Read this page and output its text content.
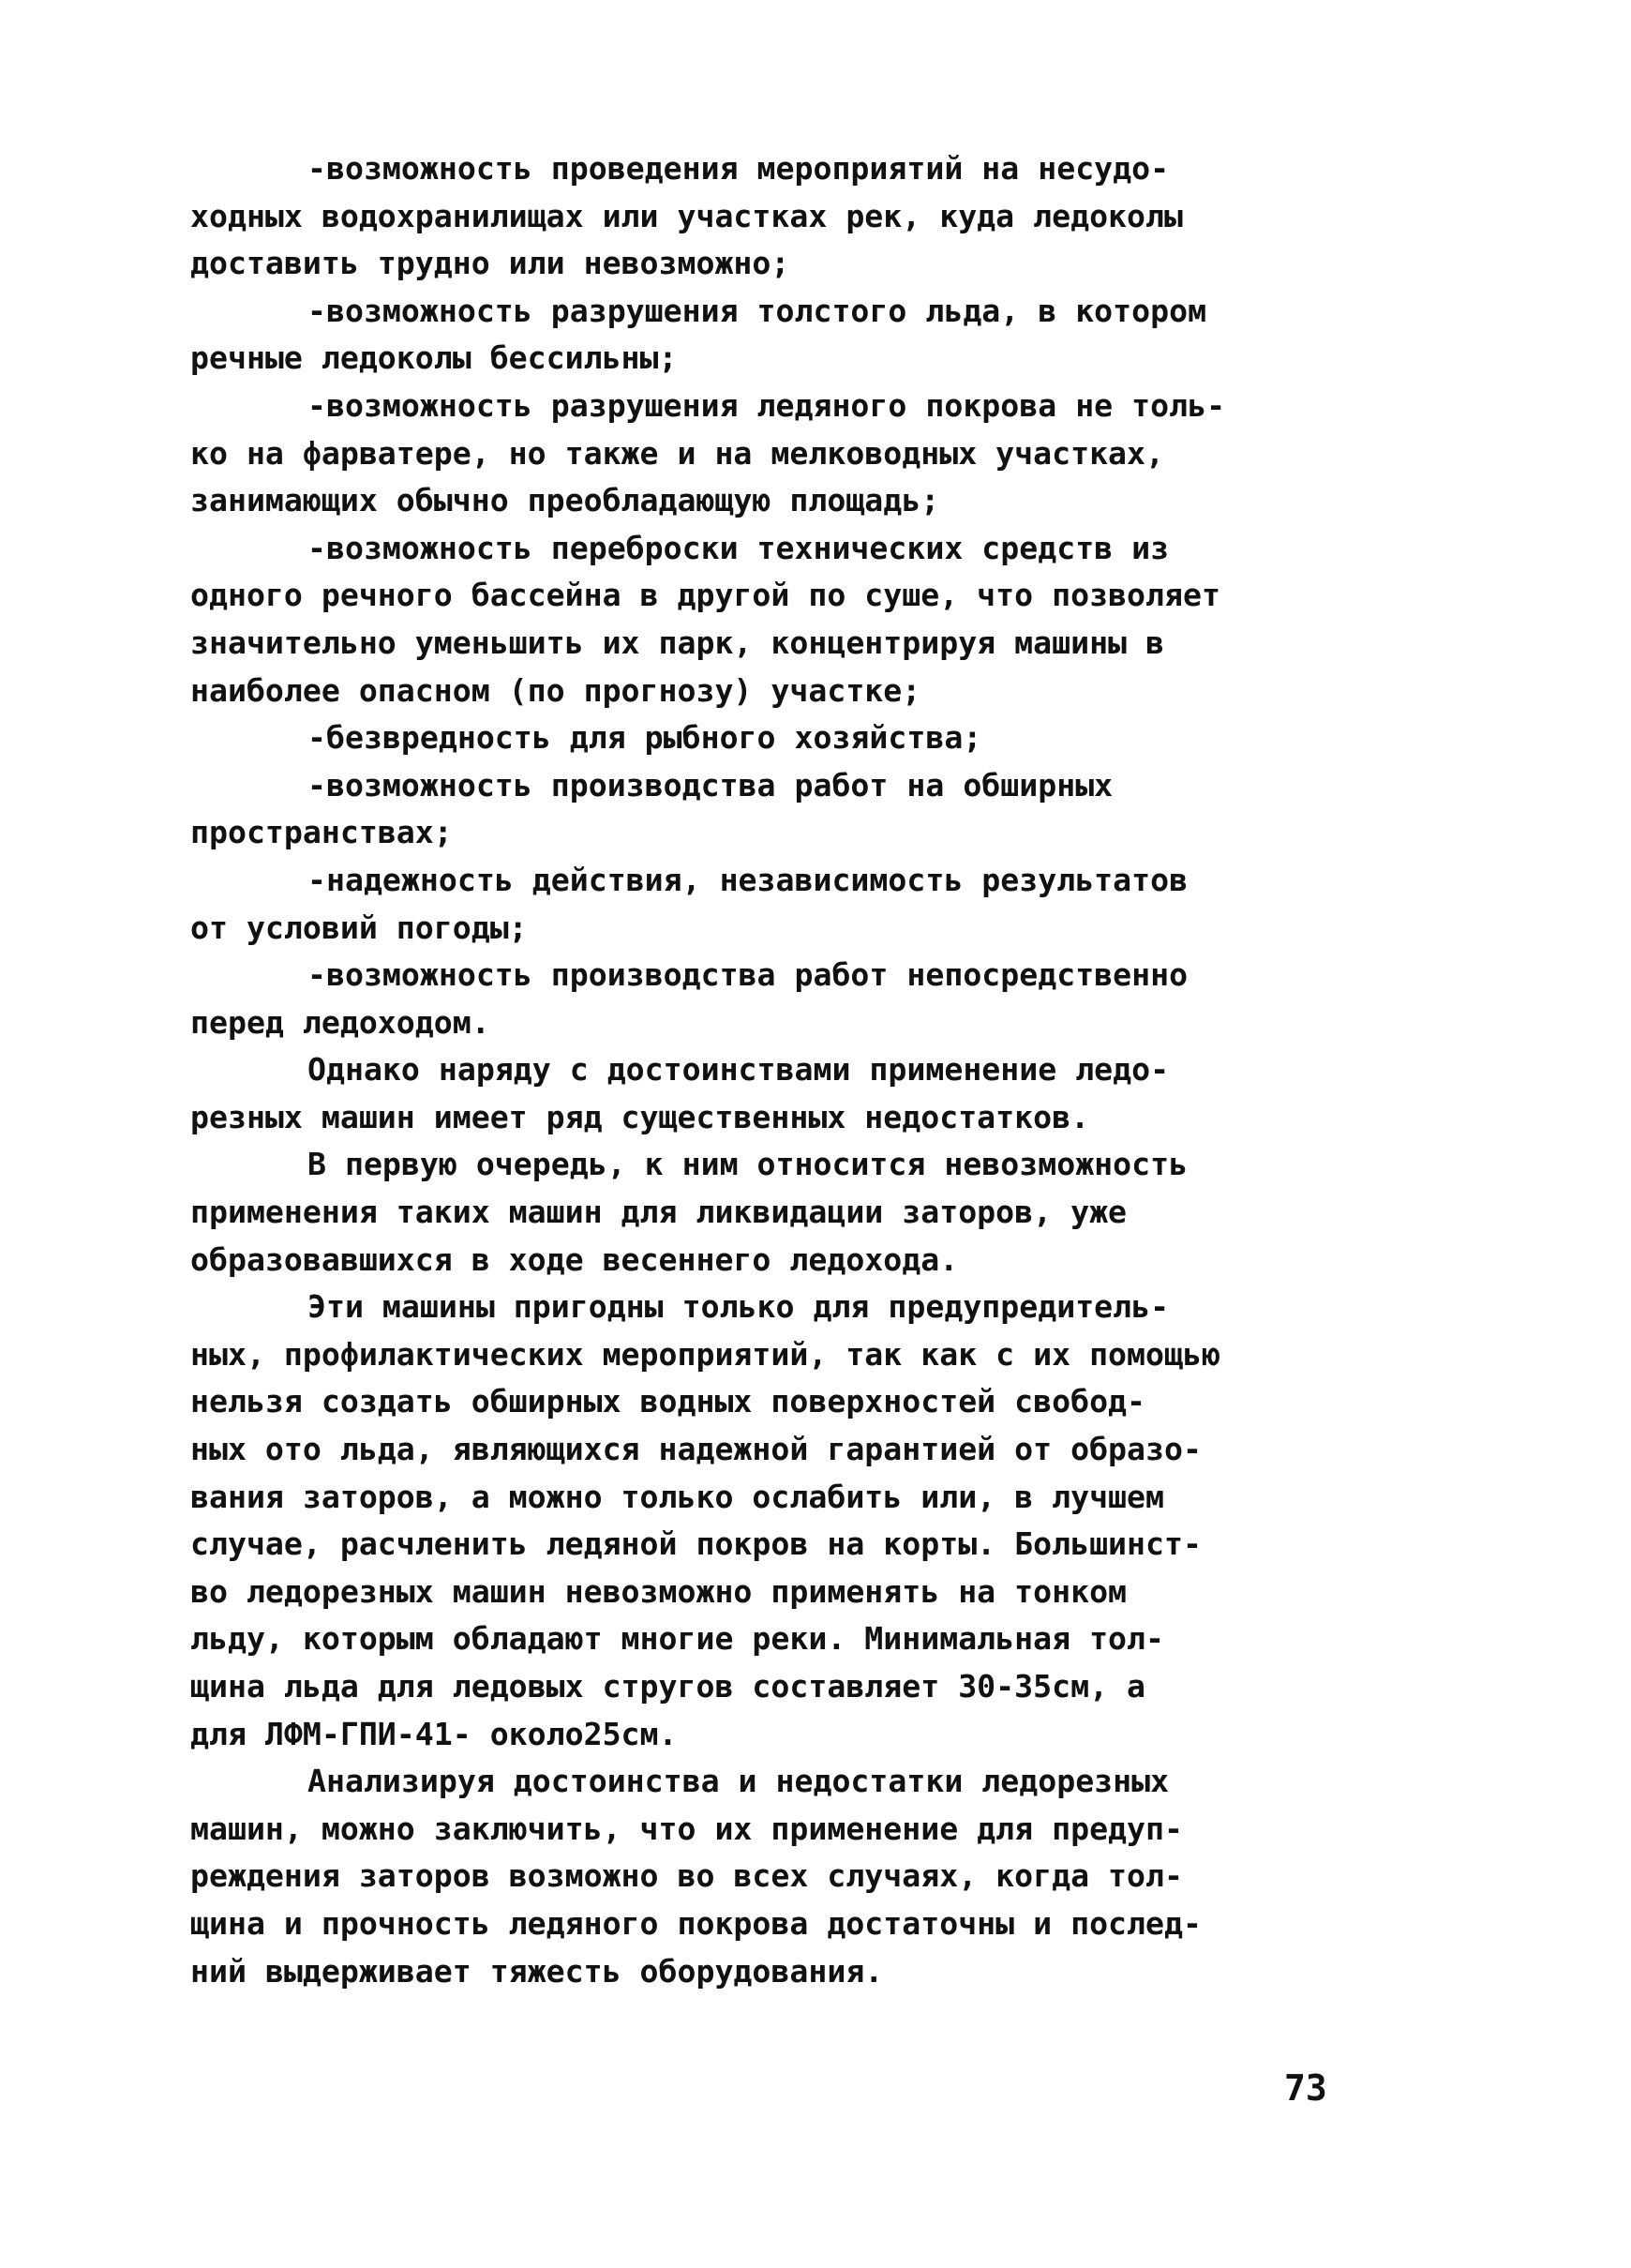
-возможность проведения мероприятий на несудо-
ходных водохранилищах или участках рек, куда ледоколы
доставить трудно или невозможно;
-возможность разрушения толстого льда, в котором
речные ледоколы бессильны;
-возможность разрушения ледяного покрова не толь-
ко на фарватере, но также и на мелководных участках,
занимающих обычно преобладающую площадь;
-возможность переброски технических средств из
одного речного бассейна в другой по суше, что позволяет
значительно уменьшить их парк, концентрируя машины в
наиболее опасном (по прогнозу) участке;
-безвредность для рыбного хозяйства;
-возможность производства работ на обширных
пространствах;
-надежность действия, независимость результатов
от условий погоды;
-возможность производства работ непосредственно
перед ледоходом.
Однако наряду с достоинствами применение ледо-
резных машин имеет ряд существенных недостатков.
В первую очередь, к ним относится невозможность
применения таких машин для ликвидации заторов, уже
образовавшихся в ходе весеннего ледохода.
Эти машины пригодны только для предупредитель-
ных, профилактических мероприятий, так как с их помощью
нельзя создать обширных водных поверхностей свобод-
ных ото льда, являющихся надежной гарантией от образо-
вания заторов, а можно только ослабить или, в лучшем
случае, расчленить ледяной покров на корты. Большинст-
во ледорезных машин невозможно применять на тонком
льду, которым обладают многие реки. Минимальная тол-
щина льда для ледовых стругов составляет 30-35см, а
для ЛФМ-ГПИ-41- около25см.
Анализируя достоинства и недостатки ледорезных
машин, можно заключить, что их применение для предуп-
реждения заторов возможно во всех случаях, когда тол-
щина и прочность ледяного покрова достаточны и послед-
ний выдерживает тяжесть оборудования.
73
